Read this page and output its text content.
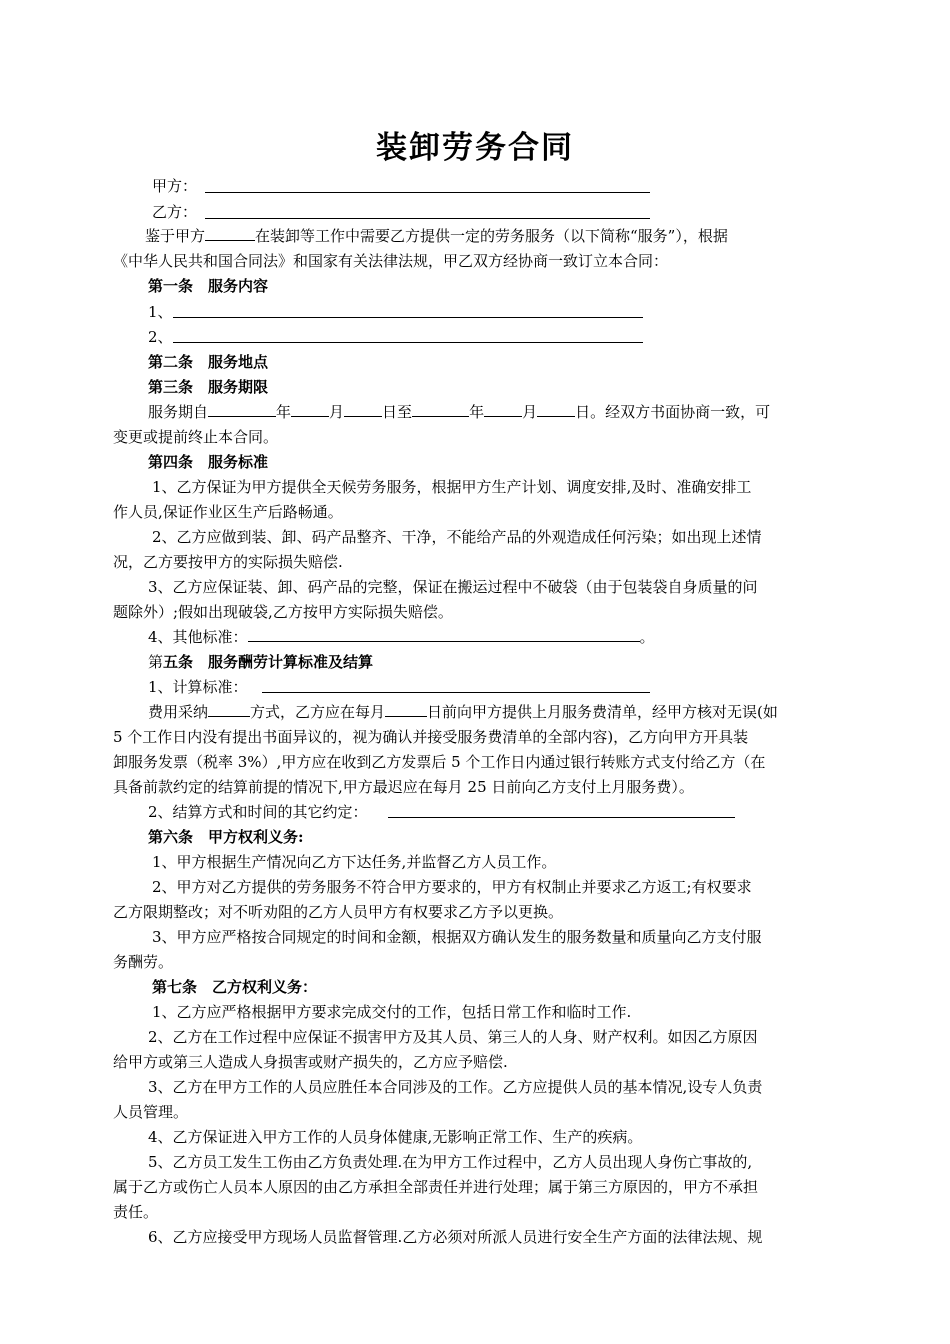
装卸劳务合同
甲方：
乙方：
鉴于甲方	在装卸等工作中需要乙方提供一定的劳务服务（以下简称“服务”），根据
《中华人民共和国合同法》和国家有关法律法规，甲乙双方经协商一致订立本合同：
第一条　服务内容
1、
2、
第二条　服务地点
第三条　服务期限
服务期自	年	月	日至	年	月	日。经双方书面协商一致，可
变更或提前终止本合同。
第四条　服务标准
1、乙方保证为甲方提供全天候劳务服务，根据甲方生产计划、调度安排,及时、准确安排工
作人员,保证作业区生产后路畅通。
2、乙方应做到装、卸、码产品整齐、干净，不能给产品的外观造成任何污染；如出现上述情
况，乙方要按甲方的实际损失赔偿.
3、乙方应保证装、卸、码产品的完整，保证在搬运过程中不破袋（由于包装袋自身质量的问
题除外）;假如出现破袋,乙方按甲方实际损失赔偿。
4、其他标准：	。
第五条　服务酬劳计算标准及结算
1、计算标准：
费用采纳	方式，乙方应在每月	日前向甲方提供上月服务费清单，经甲方核对无误(如
5 个工作日内没有提出书面异议的，视为确认并接受服务费清单的全部内容)，乙方向甲方开具装
卸服务发票（税率 3%）,甲方应在收到乙方发票后 5 个工作日内通过银行转账方式支付给乙方（在
具备前款约定的结算前提的情况下,甲方最迟应在每月 25 日前向乙方支付上月服务费）。
2、结算方式和时间的其它约定：
第六条　甲方权利义务:
1、甲方根据生产情况向乙方下达任务,并监督乙方人员工作。
2、甲方对乙方提供的劳务服务不符合甲方要求的，甲方有权制止并要求乙方返工;有权要求
乙方限期整改；对不听劝阻的乙方人员甲方有权要求乙方予以更换。
3、甲方应严格按合同规定的时间和金额，根据双方确认发生的服务数量和质量向乙方支付服
务酬劳。
第七条　乙方权利义务：
1、乙方应严格根据甲方要求完成交付的工作，包括日常工作和临时工作.
2、乙方在工作过程中应保证不损害甲方及其人员、第三人的人身、财产权利。如因乙方原因
给甲方或第三人造成人身损害或财产损失的，乙方应予赔偿.
3、乙方在甲方工作的人员应胜任本合同涉及的工作。乙方应提供人员的基本情况,设专人负责
人员管理。
4、乙方保证进入甲方工作的人员身体健康,无影响正常工作、生产的疾病。
5、乙方员工发生工伤由乙方负责处理.在为甲方工作过程中，乙方人员出现人身伤亡事故的,
属于乙方或伤亡人员本人原因的由乙方承担全部责任并进行处理；属于第三方原因的，甲方不承担
责任。
6、乙方应接受甲方现场人员监督管理.乙方必须对所派人员进行安全生产方面的法律法规、规
